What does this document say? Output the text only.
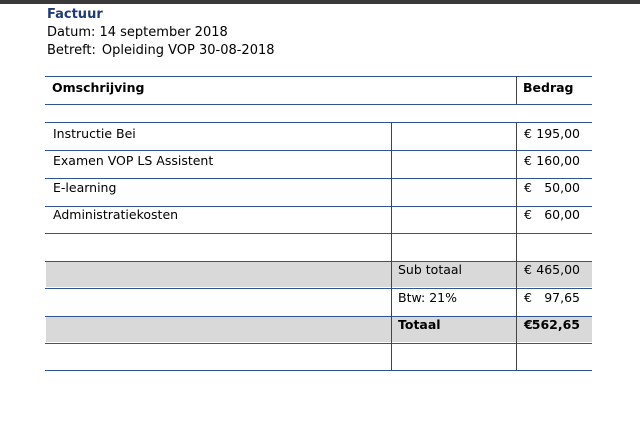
Factuur
Datum: 14 september 2018
Betreft: Opleiding VOP 30-08-2018
Omschrijving	Bedrag
Instructie Bei	€ 195,00
Examen VOP LS Assistent	€ 160,00
E-learning	€ 50,00
Administratiekosten	€ 60,00
Sub totaal	€ 465,00
Btw: 21%	€ 97,65
Totaal	€ 562,65
